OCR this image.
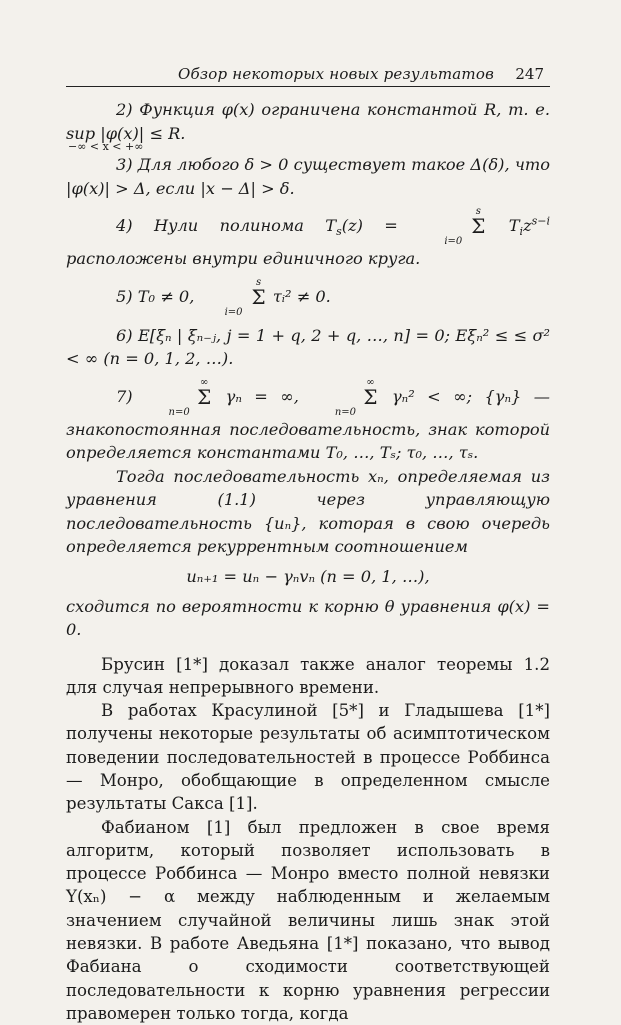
Обзор некоторых новых результатов 247

2) Функция φ(x) ограничена константой R, т. е. sup |φ(x)| ≤ R.

−∞ < x < +∞

3) Для любого δ > 0 существует такое Δ(δ), что |φ(x)| > Δ, если |x − Δ| > δ.

4) Нули полинома $T_s(z) = s$
Σ
i=0 $T_iz^{s-i}$ расположены внутри единичного круга.

5) T₀ ≠ 0, s
Σ
i=0 τᵢ² ≠ 0.

6) E[ξₙ | ξₙ₋ⱼ, j = 1 + q, 2 + q, …, n] = 0; Eξₙ² ≤ ≤ σ² < ∞ (n = 0, 1, 2, …).

7) ∞
Σ
n=0 γₙ = ∞, ∞
Σ
n=0 γₙ² < ∞; {γₙ} — знакопостоянная последовательность, знак которой определяется константами T₀, …, Tₛ; τ₀, …, τₛ.

Тогда последовательность xₙ, определяемая из уравнения (1.1) через управляющую последовательность {uₙ}, которая в свою очередь определяется рекуррентным соотношением

uₙ₊₁ = uₙ − γₙvₙ (n = 0, 1, …),

сходится по вероятности к корню θ уравнения φ(x) = 0.

Брусин [1*] доказал также аналог теоремы 1.2 для случая непрерывного времени.

В работах Красулиной [5*] и Гладышева [1*] получены некоторые результаты об асимптотическом поведении последовательностей в процессе Роббинса — Монро, обобщающие в определенном смысле результаты Сакса [1].

Фабианом [1] был предложен в свое время алгоритм, который позволяет использовать в процессе Роббинса — Монро вместо полной невязки Y(xₙ) − α между наблюденным и желаемым значением случайной величины лишь знак этой невязки. В работе Аведьяна [1*] показано, что вывод Фабиана о сходимости соответствующей последовательности к корню уравнения регрессии правомерен только тогда, когда
